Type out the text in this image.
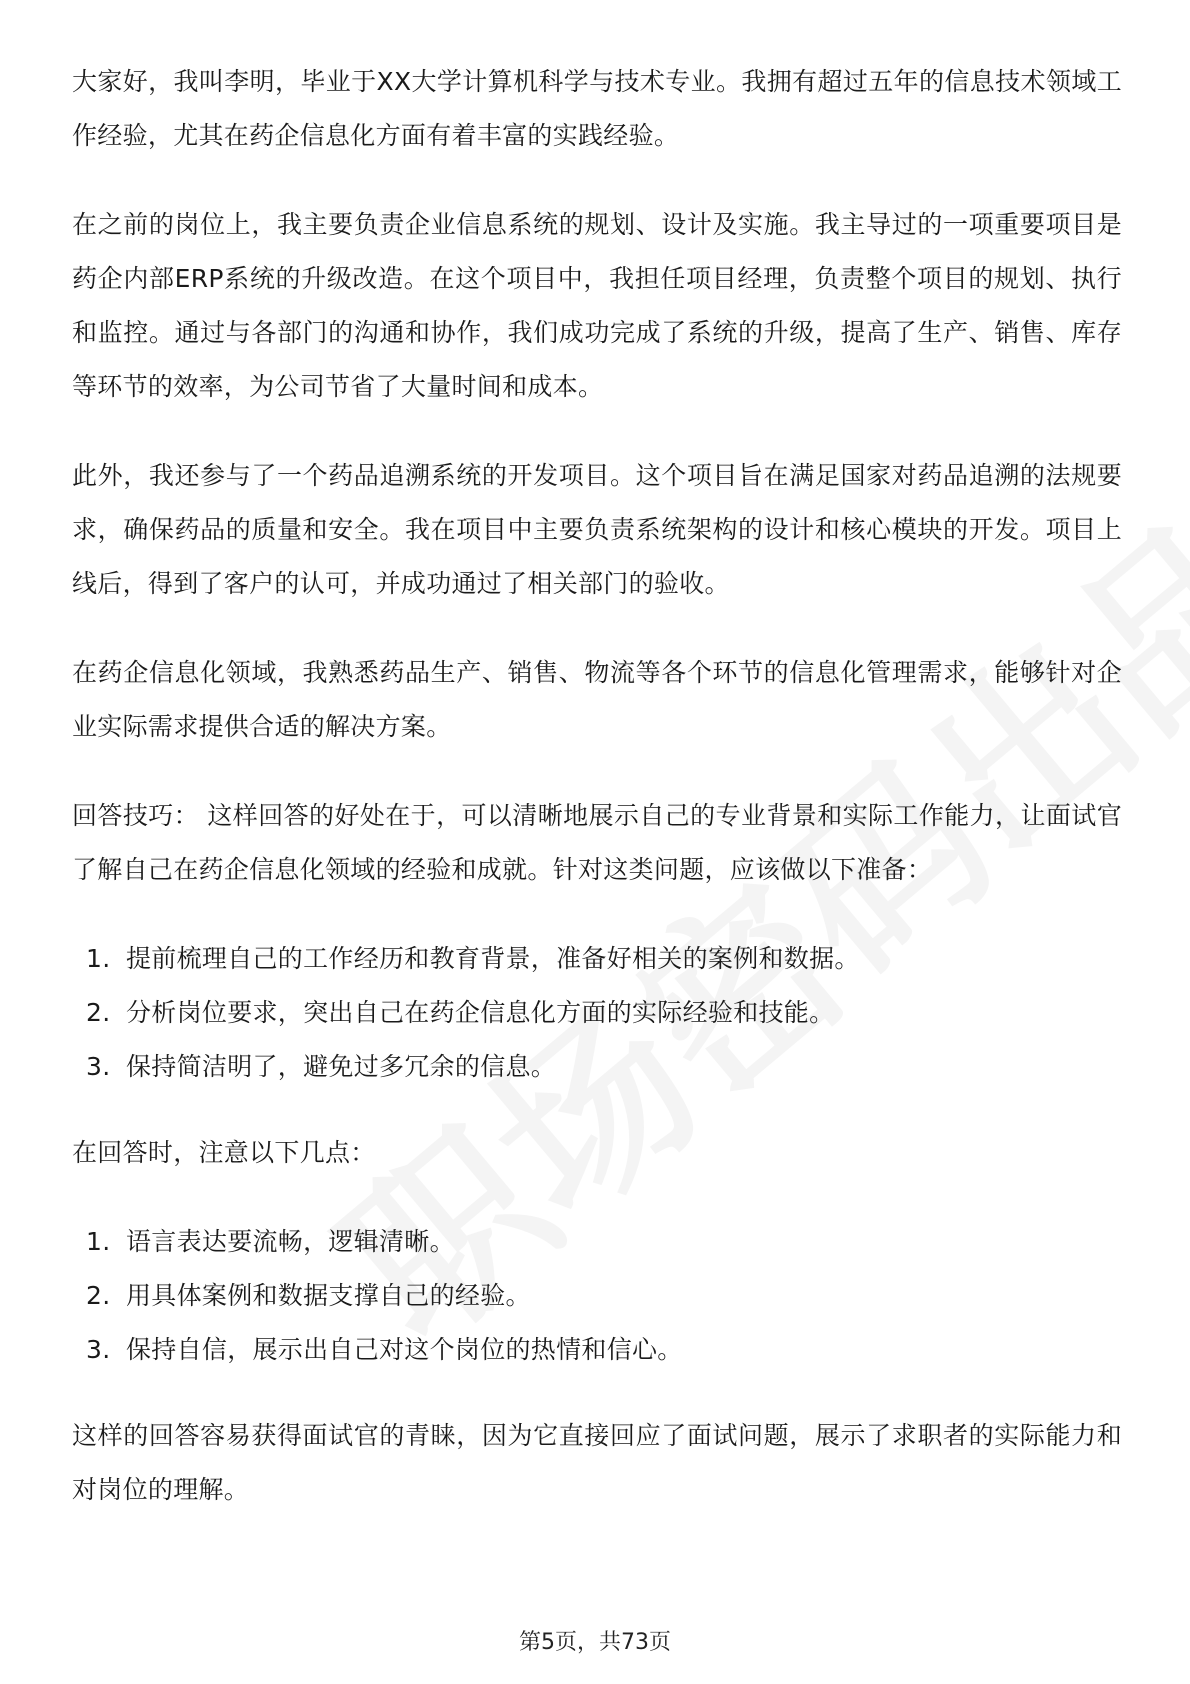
大家好，我叫李明，毕业于XX大学计算机科学与技术专业。我拥有超过五年的信息技术领域工作经验，尤其在药企信息化方面有着丰富的实践经验。

在之前的岗位上，我主要负责企业信息系统的规划、设计及实施。我主导过的一项重要项目是药企内部ERP系统的升级改造。在这个项目中，我担任项目经理，负责整个项目的规划、执行和监控。通过与各部门的沟通和协作，我们成功完成了系统的升级，提高了生产、销售、库存等环节的效率，为公司节省了大量时间和成本。

此外，我还参与了一个药品追溯系统的开发项目。这个项目旨在满足国家对药品追溯的法规要求，确保药品的质量和安全。我在项目中主要负责系统架构的设计和核心模块的开发。项目上线后，得到了客户的认可，并成功通过了相关部门的验收。

在药企信息化领域，我熟悉药品生产、销售、物流等各个环节的信息化管理需求，能够针对企业实际需求提供合适的解决方案。

回答技巧： 这样回答的好处在于，可以清晰地展示自己的专业背景和实际工作能力，让面试官了解自己在药企信息化领域的经验和成就。针对这类问题，应该做以下准备：

1. 提前梳理自己的工作经历和教育背景，准备好相关的案例和数据。
2. 分析岗位要求，突出自己在药企信息化方面的实际经验和技能。
3. 保持简洁明了，避免过多冗余的信息。

在回答时，注意以下几点：

1. 语言表达要流畅，逻辑清晰。
2. 用具体案例和数据支撑自己的经验。
3. 保持自信，展示出自己对这个岗位的热情和信心。

这样的回答容易获得面试官的青睐，因为它直接回应了面试问题，展示了求职者的实际能力和对岗位的理解。

第5页，共73页
